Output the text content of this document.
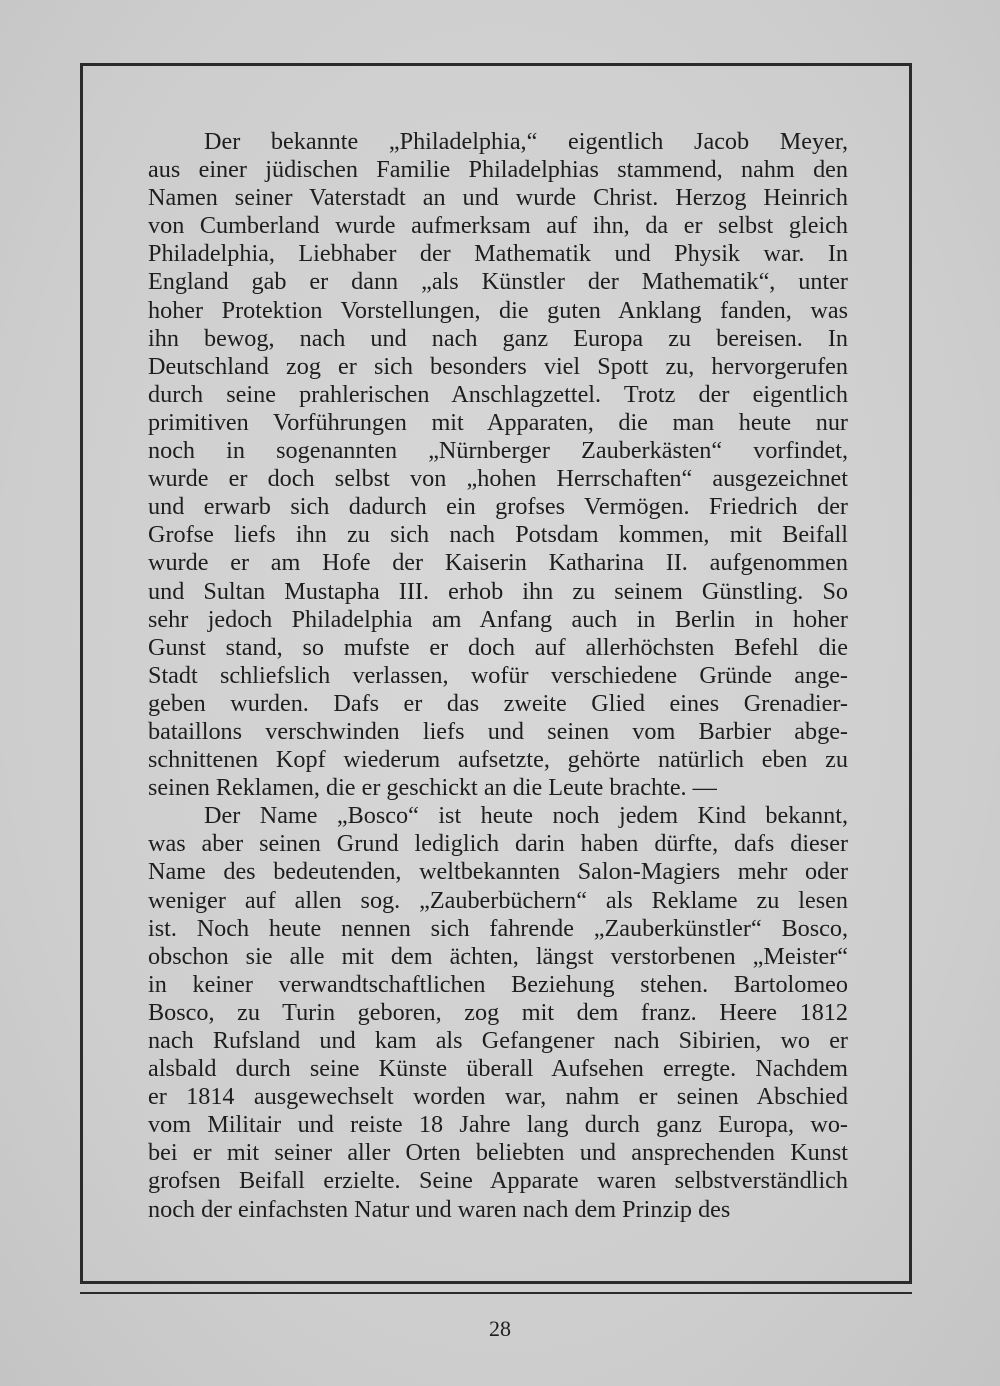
Der bekannte „Philadelphia,“ eigentlich Jacob Meyer,
aus einer jüdischen Familie Philadelphias stammend, nahm den
Namen seiner Vaterstadt an und wurde Christ. Herzog Heinrich
von Cumberland wurde aufmerksam auf ihn, da er selbst gleich
Philadelphia, Liebhaber der Mathematik und Physik war. In
England gab er dann „als Künstler der Mathematik“, unter
hoher Protektion Vorstellungen, die guten Anklang fanden, was
ihn bewog, nach und nach ganz Europa zu bereisen. In
Deutschland zog er sich besonders viel Spott zu, hervorgerufen
durch seine prahlerischen Anschlagzettel. Trotz der eigentlich
primitiven Vorführungen mit Apparaten, die man heute nur
noch in sogenannten „Nürnberger Zauberkästen“ vorfindet,
wurde er doch selbst von „hohen Herrschaften“ ausgezeichnet
und erwarb sich dadurch ein grofses Vermögen. Friedrich der
Grofse liefs ihn zu sich nach Potsdam kommen, mit Beifall
wurde er am Hofe der Kaiserin Katharina II. aufgenommen
und Sultan Mustapha III. erhob ihn zu seinem Günstling. So
sehr jedoch Philadelphia am Anfang auch in Berlin in hoher
Gunst stand, so mufste er doch auf allerhöchsten Befehl die
Stadt schliefslich verlassen, wofür verschiedene Gründe ange-
geben wurden. Dafs er das zweite Glied eines Grenadier-
bataillons verschwinden liefs und seinen vom Barbier abge-
schnittenen Kopf wiederum aufsetzte, gehörte natürlich eben zu
seinen Reklamen, die er geschickt an die Leute brachte. —
Der Name „Bosco“ ist heute noch jedem Kind bekannt,
was aber seinen Grund lediglich darin haben dürfte, dafs dieser
Name des bedeutenden, weltbekannten Salon-Magiers mehr oder
weniger auf allen sog. „Zauberbüchern“ als Reklame zu lesen
ist. Noch heute nennen sich fahrende „Zauberkünstler“ Bosco,
obschon sie alle mit dem ächten, längst verstorbenen „Meister“
in keiner verwandtschaftlichen Beziehung stehen. Bartolomeo
Bosco, zu Turin geboren, zog mit dem franz. Heere 1812
nach Rufsland und kam als Gefangener nach Sibirien, wo er
alsbald durch seine Künste überall Aufsehen erregte. Nachdem
er 1814 ausgewechselt worden war, nahm er seinen Abschied
vom Militair und reiste 18 Jahre lang durch ganz Europa, wo-
bei er mit seiner aller Orten beliebten und ansprechenden Kunst
grofsen Beifall erzielte. Seine Apparate waren selbstverständlich
noch der einfachsten Natur und waren nach dem Prinzip des
28
